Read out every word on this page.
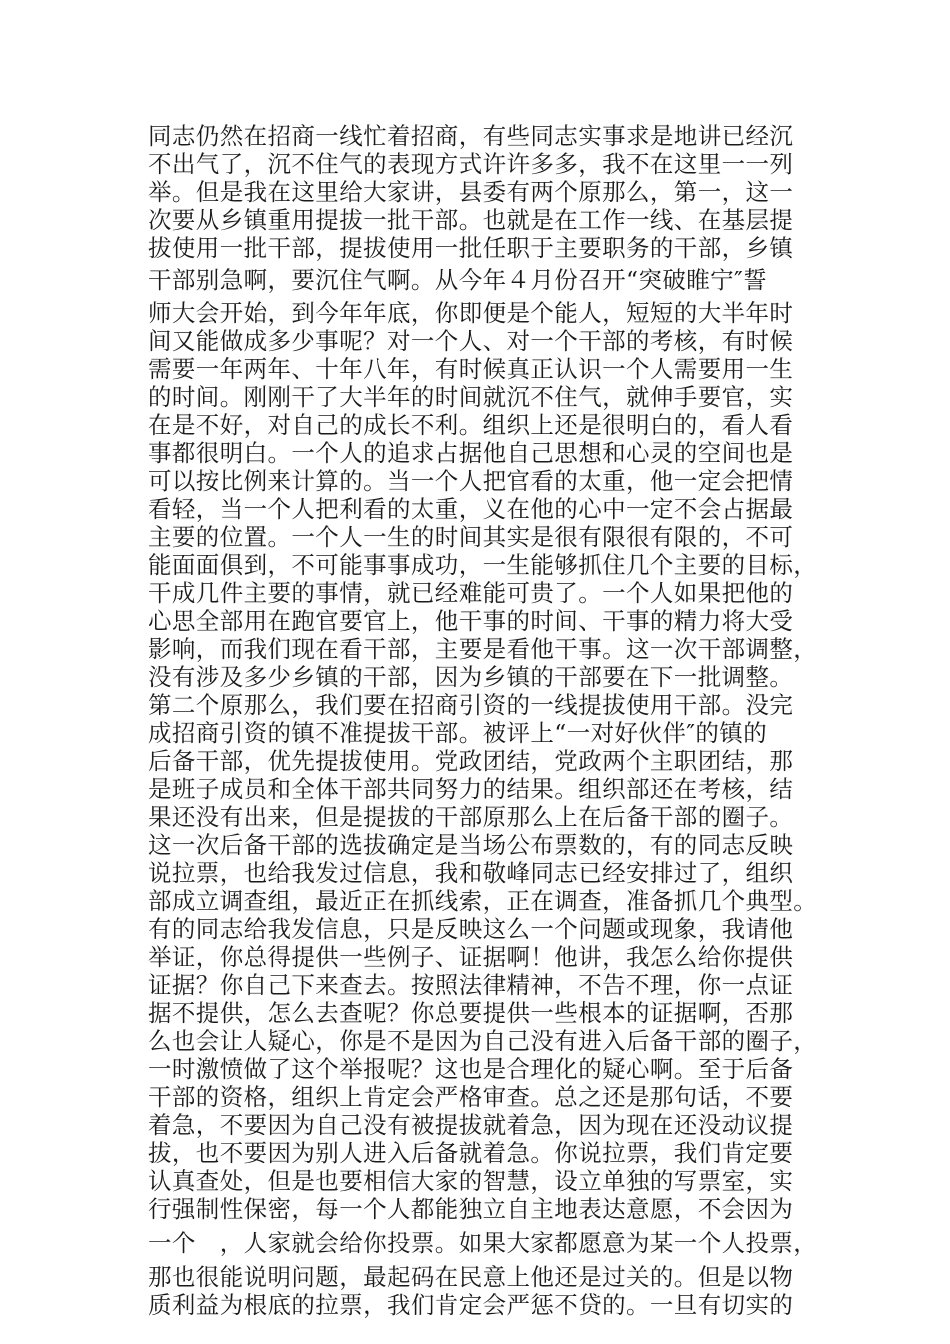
同志仍然在招商一线忙着招商，有些同志实事求是地讲已经沉
不出气了，沉不住气的表现方式许许多多，我不在这里一一列
举。但是我在这里给大家讲，县委有两个原那么，第一，这一
次要从乡镇重用提拔一批干部。也就是在工作一线、在基层提
拔使用一批干部，提拔使用一批任职于主要职务的干部，乡镇
干部别急啊，要沉住气啊。从今年４月份召开“突破睢宁″誓
师大会开始，到今年年底，你即便是个能人，短短的大半年时
间又能做成多少事呢？对一个人、对一个干部的考核，有时候
需要一年两年、十年八年，有时候真正认识一个人需要用一生
的时间。刚刚干了大半年的时间就沉不住气，就伸手要官，实
在是不好，对自己的成长不利。组织上还是很明白的，看人看
事都很明白。一个人的追求占据他自己思想和心灵的空间也是
可以按比例来计算的。当一个人把官看的太重，他一定会把情
看轻，当一个人把利看的太重，义在他的心中一定不会占据最
主要的位置。一个人一生的时间其实是很有限很有限的，不可
能面面俱到，不可能事事成功，一生能够抓住几个主要的目标，
干成几件主要的事情，就已经难能可贵了。一个人如果把他的
心思全部用在跑官要官上，他干事的时间、干事的精力将大受
影响，而我们现在看干部，主要是看他干事。这一次干部调整，
没有涉及多少乡镇的干部，因为乡镇的干部要在下一批调整。
第二个原那么，我们要在招商引资的一线提拔使用干部。没完
成招商引资的镇不准提拔干部。被评上“一对好伙伴″的镇的
后备干部，优先提拔使用。党政团结，党政两个主职团结，那
是班子成员和全体干部共同努力的结果。组织部还在考核，结
果还没有出来，但是提拔的干部原那么上在后备干部的圈子。
这一次后备干部的选拔确定是当场公布票数的，有的同志反映
说拉票，也给我发过信息，我和敬峰同志已经安排过了，组织
部成立调查组，最近正在抓线索，正在调查，准备抓几个典型。
有的同志给我发信息，只是反映这么一个问题或现象，我请他
举证，你总得提供一些例子、证据啊！他讲，我怎么给你提供
证据？你自己下来查去。按照法律精神，不告不理，你一点证
据不提供，怎么去查呢？你总要提供一些根本的证据啊，否那
么也会让人疑心，你是不是因为自己没有进入后备干部的圈子，
一时激愤做了这个举报呢？这也是合理化的疑心啊。至于后备
干部的资格，组织上肯定会严格审查。总之还是那句话，不要
着急，不要因为自己没有被提拔就着急，因为现在还没动议提
拔，也不要因为别人进入后备就着急。你说拉票，我们肯定要
认真查处，但是也要相信大家的智慧，设立单独的写票室，实
行强制性保密，每一个人都能独立自主地表达意愿，不会因为
一个　，人家就会给你投票。如果大家都愿意为某一个人投票，
那也很能说明问题，最起码在民意上他还是过关的。但是以物
质利益为根底的拉票，我们肯定会严惩不贷的。一旦有切实的
